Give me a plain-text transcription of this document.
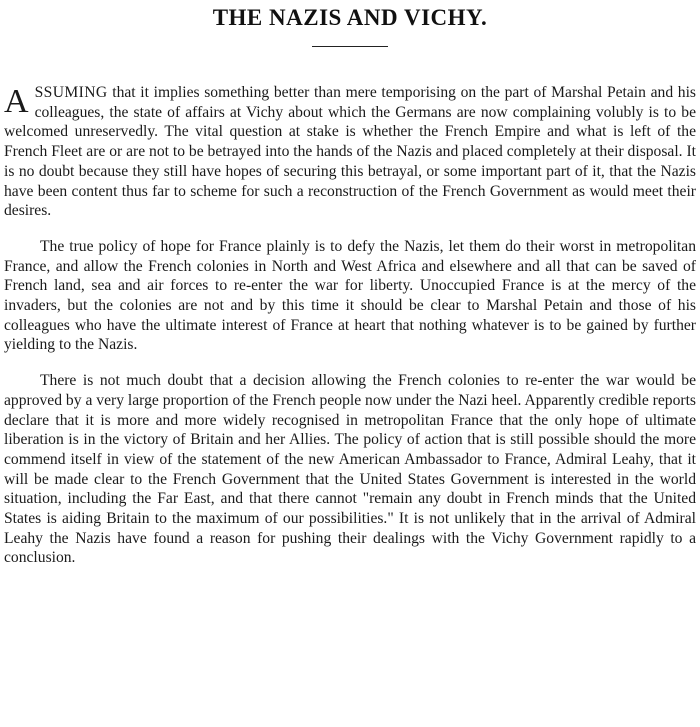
THE NAZIS AND VICHY.

ASSUMING that it implies something better than mere temporising on the part of Marshal Petain and his colleagues, the state of affairs at Vichy about which the Germans are now complaining volubly is to be welcomed unreservedly. The vital question at stake is whether the French Empire and what is left of the French Fleet are or are not to be betrayed into the hands of the Nazis and placed completely at their disposal. It is no doubt because they still have hopes of securing this betrayal, or some important part of it, that the Nazis have been content thus far to scheme for such a reconstruction of the French Government as would meet their desires.

The true policy of hope for France plainly is to defy the Nazis, let them do their worst in metropolitan France, and allow the French colonies in North and West Africa and elsewhere and all that can be saved of French land, sea and air forces to re-enter the war for liberty. Unoccupied France is at the mercy of the invaders, but the colonies are not and by this time it should be clear to Marshal Petain and those of his colleagues who have the ultimate interest of France at heart that nothing whatever is to be gained by further yielding to the Nazis.

There is not much doubt that a decision allowing the French colonies to re-enter the war would be approved by a very large proportion of the French people now under the Nazi heel. Apparently credible reports declare that it is more and more widely recognised in metropolitan France that the only hope of ultimate liberation is in the victory of Britain and her Allies. The policy of action that is still possible should the more commend itself in view of the statement of the new American Ambassador to France, Admiral Leahy, that it will be made clear to the French Government that the United States Government is interested in the world situation, including the Far East, and that there cannot "remain any doubt in French minds that the United States is aiding Britain to the maximum of our possibilities." It is not unlikely that in the arrival of Admiral Leahy the Nazis have found a reason for pushing their dealings with the Vichy Government rapidly to a conclusion.
